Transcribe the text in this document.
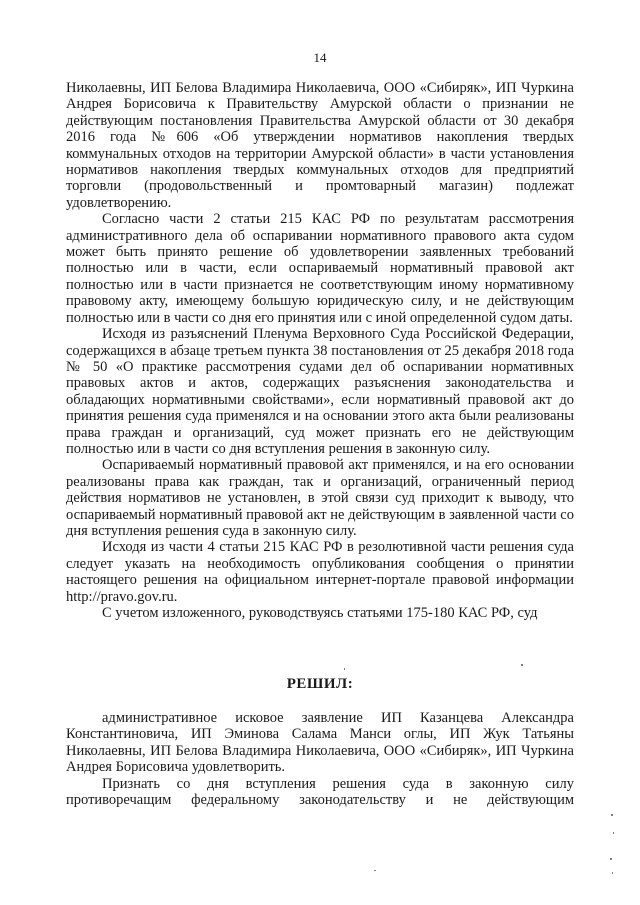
14

Николаевны, ИП Белова Владимира Николаевича, ООО «Сибиряк», ИП Чуркина Андрея Борисовича к Правительству Амурской области о признании не действующим постановления Правительства Амурской области от 30 декабря 2016 года №606 «Об утверждении нормативов накопления твердых коммунальных отходов на территории Амурской области» в части установления нормативов накопления твердых коммунальных отходов для предприятий торговли (продовольственный и промтоварный магазин) подлежат удовлетворению.

Согласно части 2 статьи 215 КАС РФ по результатам рассмотрения административного дела об оспаривании нормативного правового акта судом может быть принято решение об удовлетворении заявленных требований полностью или в части, если оспариваемый нормативный правовой акт полностью или в части признается не соответствующим иному нормативному правовому акту, имеющему большую юридическую силу, и не действующим полностью или в части со дня его принятия или с иной определенной судом даты.

Исходя из разъяснений Пленума Верховного Суда Российской Федерации, содержащихся в абзаце третьем пункта 38 постановления от 25 декабря 2018 года № 50 «О практике рассмотрения судами дел об оспаривании нормативных правовых актов и актов, содержащих разъяснения законодательства и обладающих нормативными свойствами», если нормативный правовой акт до принятия решения суда применялся и на основании этого акта были реализованы права граждан и организаций, суд может признать его не действующим полностью или в части со дня вступления решения в законную силу.

Оспариваемый нормативный правовой акт применялся, и на его основании реализованы права как граждан, так и организаций, ограниченный период действия нормативов не установлен, в этой связи суд приходит к выводу, что оспариваемый нормативный правовой акт не действующим в заявленной части со дня вступления решения суда в законную силу.

Исходя из части 4 статьи 215 КАС РФ в резолютивной части решения суда следует указать на необходимость опубликования сообщения о принятии настоящего решения на официальном интернет-портале правовой информации http://pravo.gov.ru.

С учетом изложенного, руководствуясь статьями 175-180 КАС РФ, суд

РЕШИЛ:

административное исковое заявление ИП Казанцева Александра Константиновича, ИП Эминова Салама Манси оглы, ИП Жук Татьяны Николаевны, ИП Белова Владимира Николаевича, ООО «Сибиряк», ИП Чуркина Андрея Борисовича удовлетворить.

Признать со дня вступления решения суда в законную силу противоречащим федеральному законодательству и не действующим
